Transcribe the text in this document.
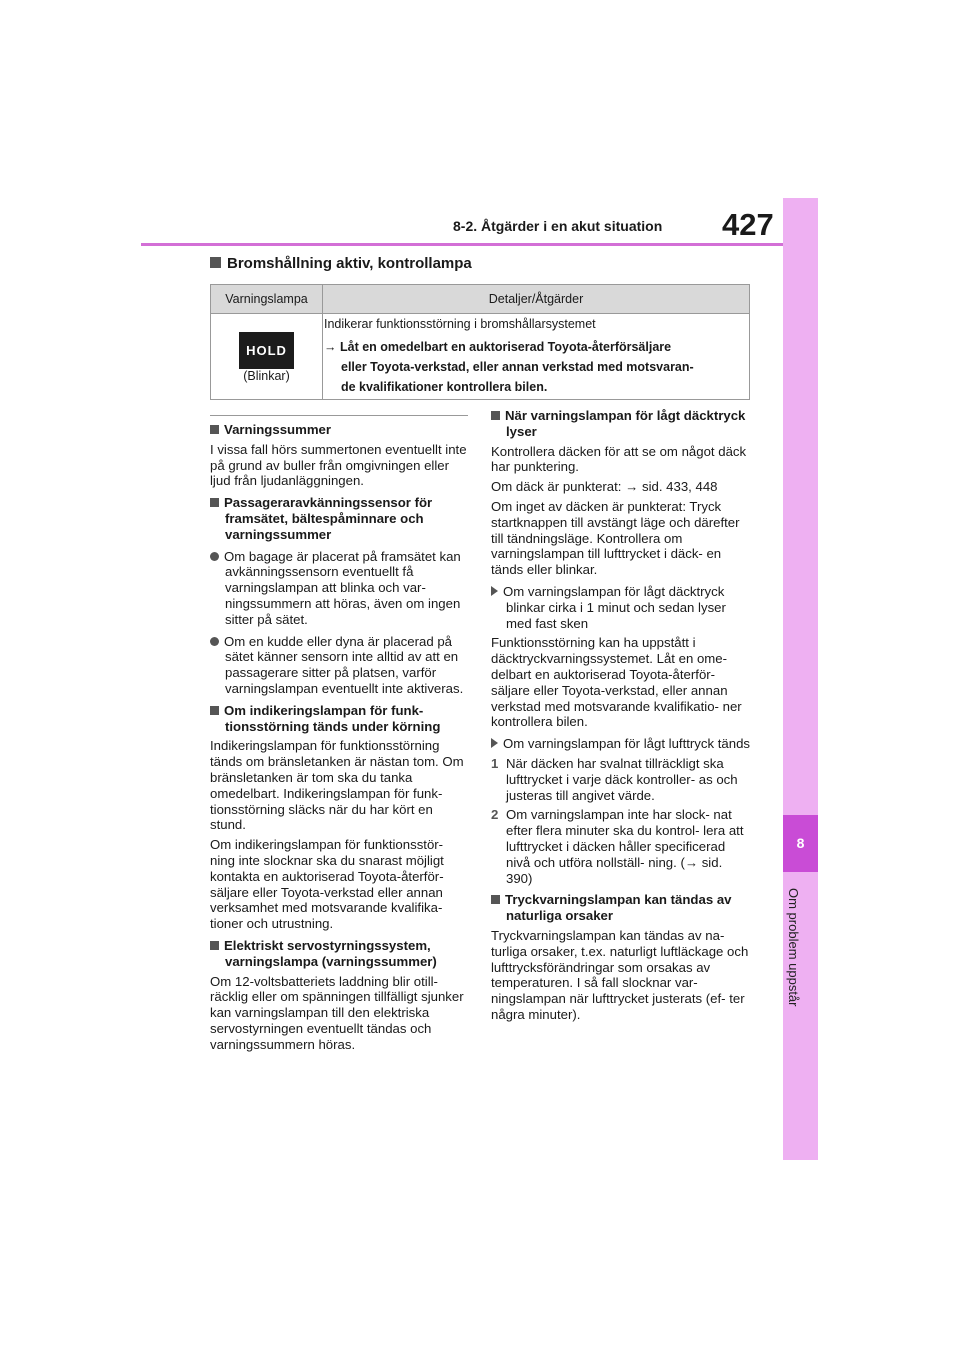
8-2. Åtgärder i en akut situation 427
8
Om problem uppstår
Bromshållning aktiv, kontrollampa
Varningslampa	Detaljer/Åtgärder
HOLD
(Blinkar)
Indikerar funktionsstörning i bromshållarsystemet
→ Låt en omedelbart en auktoriserad Toyota-återförsäljare
eller Toyota-verkstad, eller annan verkstad med motsvaran-
de kvalifikationer kontrollera bilen.

Varningssummer

I vissa fall hörs summertonen eventuellt inte på grund av buller från omgivningen eller ljud från ljudanläggningen.

Passageraravkänningssensor för framsätet, bältespåminnare och varningssummer

Om bagage är placerat på framsätet kan avkänningssensorn eventuellt få varningslampan att blinka och var- ningssummern att höras, även om ingen sitter på sätet.

Om en kudde eller dyna är placerad på sätet känner sensorn inte alltid av att en passagerare sitter på platsen, varför varningslampan eventuellt inte aktiveras.

Om indikeringslampan för funk- tionsstörning tänds under körning

Indikeringslampan för funktionsstörning tänds om bränsletanken är nästan tom. Om bränsletanken är tom ska du tanka omedelbart. Indikeringslampan för funk- tionsstörning släcks när du har kört en stund.

Om indikeringslampan för funktionsstör- ning inte slocknar ska du snarast möjligt kontakta en auktoriserad Toyota-återför- säljare eller Toyota-verkstad eller annan verksamhet med motsvarande kvalifika- tioner och utrustning.

Elektriskt servostyrningssystem, varningslampa (varningssummer)

Om 12-voltsbatteriets laddning blir otill- räcklig eller om spänningen tillfälligt sjunker kan varningslampan till den elektriska servostyrningen eventuellt tändas och varningssummern höras.

När varningslampan för lågt däcktryck lyser

Kontrollera däcken för att se om något däck har punktering.

Om däck är punkterat: → sid. 433, 448

Om inget av däcken är punkterat: Tryck startknappen till avstängt läge och därefter till tändningsläge. Kontrollera om varningslampan till lufttrycket i däck- en tänds eller blinkar.

Om varningslampan för lågt däcktryck blinkar cirka i 1 minut och sedan lyser med fast sken

Funktionsstörning kan ha uppstått i däcktryckvarningssystemet. Låt en ome- delbart en auktoriserad Toyota-återför- säljare eller Toyota-verkstad, eller annan verkstad med motsvarande kvalifikatio- ner kontrollera bilen.

Om varningslampan för lågt lufttryck tänds

1 När däcken har svalnat tillräckligt ska lufttrycket i varje däck kontroller- as och justeras till angivet värde.

2 Om varningslampan inte har slock- nat efter flera minuter ska du kontrol- lera att lufttrycket i däcken håller specificerad nivå och utföra nollställ- ning. (→ sid. 390)

Tryckvarningslampan kan tändas av naturliga orsaker

Tryckvarningslampan kan tändas av na- turliga orsaker, t.ex. naturligt luftläckage och lufttrycksförändringar som orsakas av temperaturen. I så fall slocknar var- ningslampan när lufttrycket justerats (ef- ter några minuter).
